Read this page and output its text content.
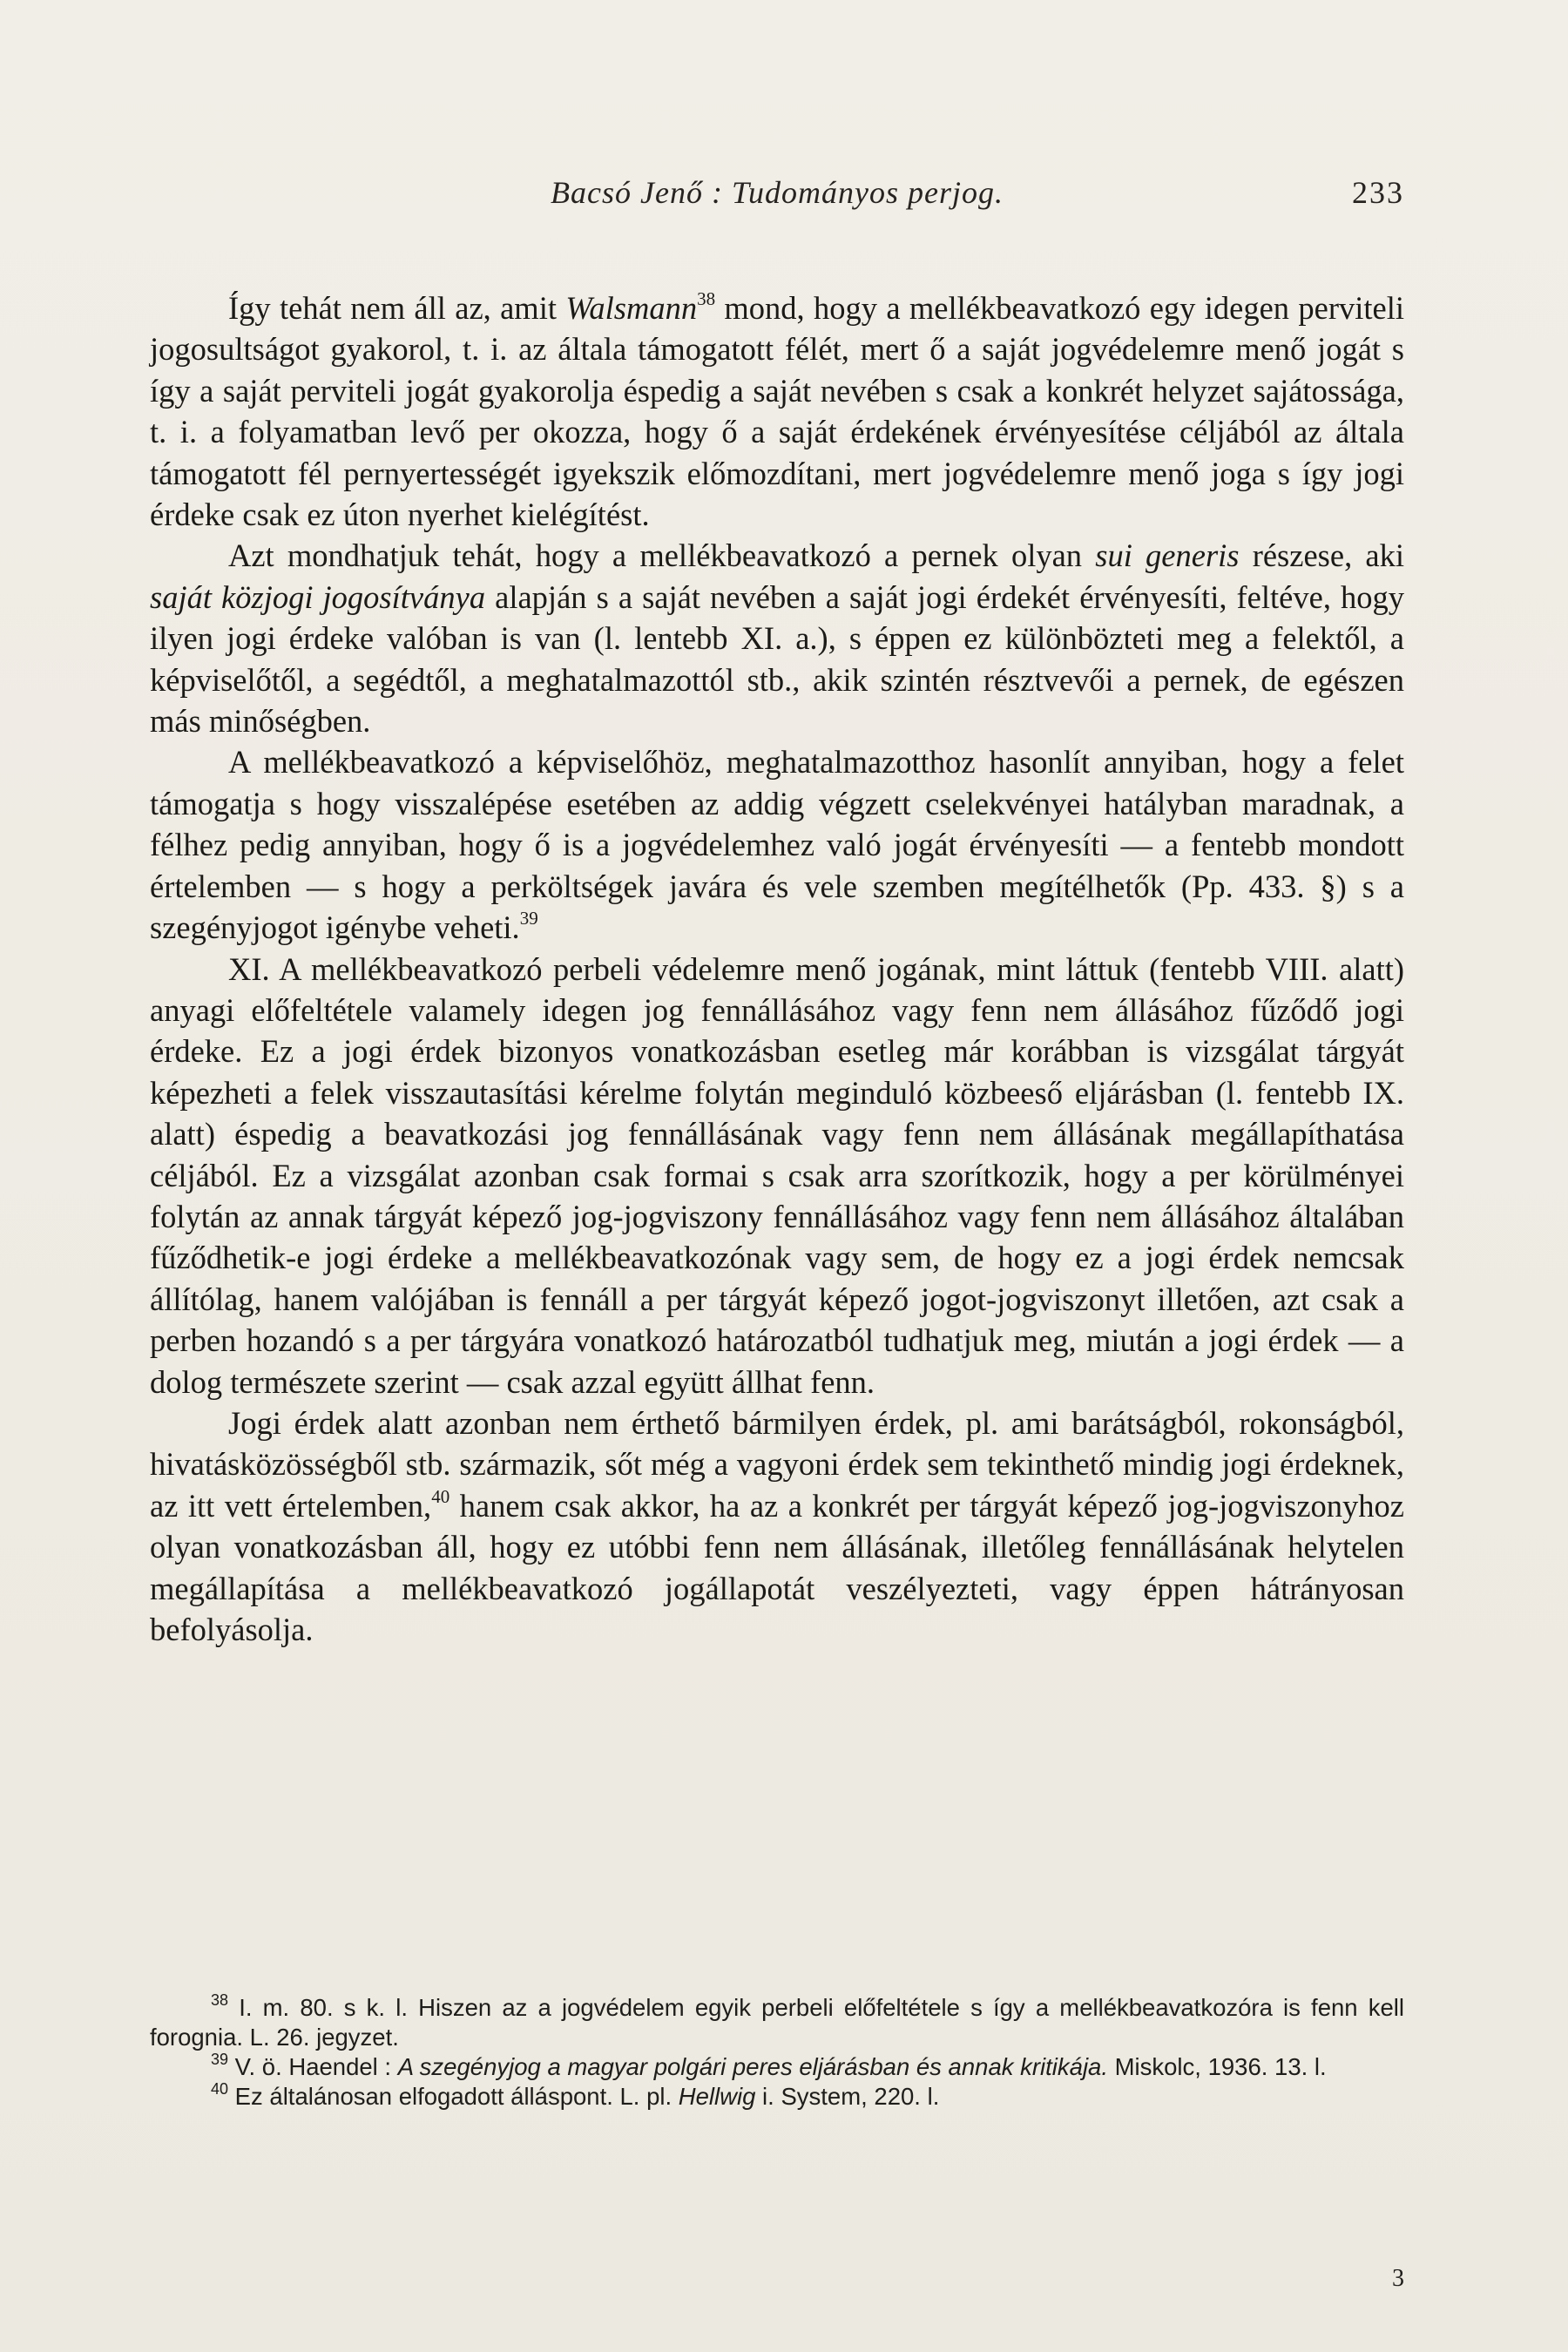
Bacsó Jenő : Tudományos perjog.	233

Így tehát nem áll az, amit Walsmann$^{38}$ mond, hogy a mellékbeavatkozó egy idegen perviteli jogosultságot gyakorol, t. i. az általa támogatott félét, mert ő a saját jogvédelemre menő jogát s így a saját perviteli jogát gyakorolja éspedig a saját nevében s csak a konkrét helyzet sajátossága, t. i. a folyamatban levő per okozza, hogy ő a saját érdekének érvényesítése céljából az általa támogatott fél pernyertességét igyekszik előmozdítani, mert jogvédelemre menő joga s így jogi érdeke csak ez úton nyerhet kielégítést.

Azt mondhatjuk tehát, hogy a mellékbeavatkozó a pernek olyan sui generis részese, aki saját közjogi jogosítványa alapján s a saját nevében a saját jogi érdekét érvényesíti, feltéve, hogy ilyen jogi érdeke valóban is van (l. lentebb XI. a.), s éppen ez különbözteti meg a felektől, a képviselőtől, a segédtől, a meghatalmazottól stb., akik szintén résztvevői a pernek, de egészen más minőségben.

A mellékbeavatkozó a képviselőhöz, meghatalmazotthoz hasonlít annyiban, hogy a felet támogatja s hogy visszalépése esetében az addig végzett cselekvényei hatályban maradnak, a félhez pedig annyiban, hogy ő is a jogvédelemhez való jogát érvényesíti — a fentebb mondott értelemben — s hogy a perköltségek javára és vele szemben megítélhetők (Pp. 433. §) s a szegényjogot igénybe veheti.$^{39}$

XI. A mellékbeavatkozó perbeli védelemre menő jogának, mint láttuk (fentebb VIII. alatt) anyagi előfeltétele valamely idegen jog fennállásához vagy fenn nem állásához fűződő jogi érdeke. Ez a jogi érdek bizonyos vonatkozásban esetleg már korábban is vizsgálat tárgyát képezheti a felek visszautasítási kérelme folytán meginduló közbeeső eljárásban (l. fentebb IX. alatt) éspedig a beavatkozási jog fennállásának vagy fenn nem állásának megállapíthatása céljából. Ez a vizsgálat azonban csak formai s csak arra szorítkozik, hogy a per körülményei folytán az annak tárgyát képező jog-jogviszony fennállásához vagy fenn nem állásához általában fűződhetik-e jogi érdeke a mellékbeavatkozónak vagy sem, de hogy ez a jogi érdek nemcsak állítólag, hanem valójában is fennáll a per tárgyát képező jogot-jogviszonyt illetően, azt csak a perben hozandó s a per tárgyára vonatkozó határozatból tudhatjuk meg, miután a jogi érdek — a dolog természete szerint — csak azzal együtt állhat fenn.

Jogi érdek alatt azonban nem érthető bármilyen érdek, pl. ami barátságból, rokonságból, hivatásközösségből stb. származik, sőt még a vagyoni érdek sem tekinthető mindig jogi érdeknek, az itt vett értelemben,$^{40}$ hanem csak akkor, ha az a konkrét per tárgyát képező jog-jogviszonyhoz olyan vonatkozásban áll, hogy ez utóbbi fenn nem állásának, illetőleg fennállásának helytelen megállapítása a mellékbeavatkozó jogállapotát veszélyezteti, vagy éppen hátrányosan befolyásolja.

$^{38}$ I. m. 80. s k. l. Hiszen az a jogvédelem egyik perbeli előfeltétele s így a mellékbeavatkozóra is fenn kell forognia. L. 26. jegyzet.

$^{39}$ V. ö. Haendel : A szegényjog a magyar polgári peres eljárásban és annak kritikája. Miskolc, 1936. 13. l.

$^{40}$ Ez általánosan elfogadott álláspont. L. pl. Hellwig i. System, 220. l.

3
